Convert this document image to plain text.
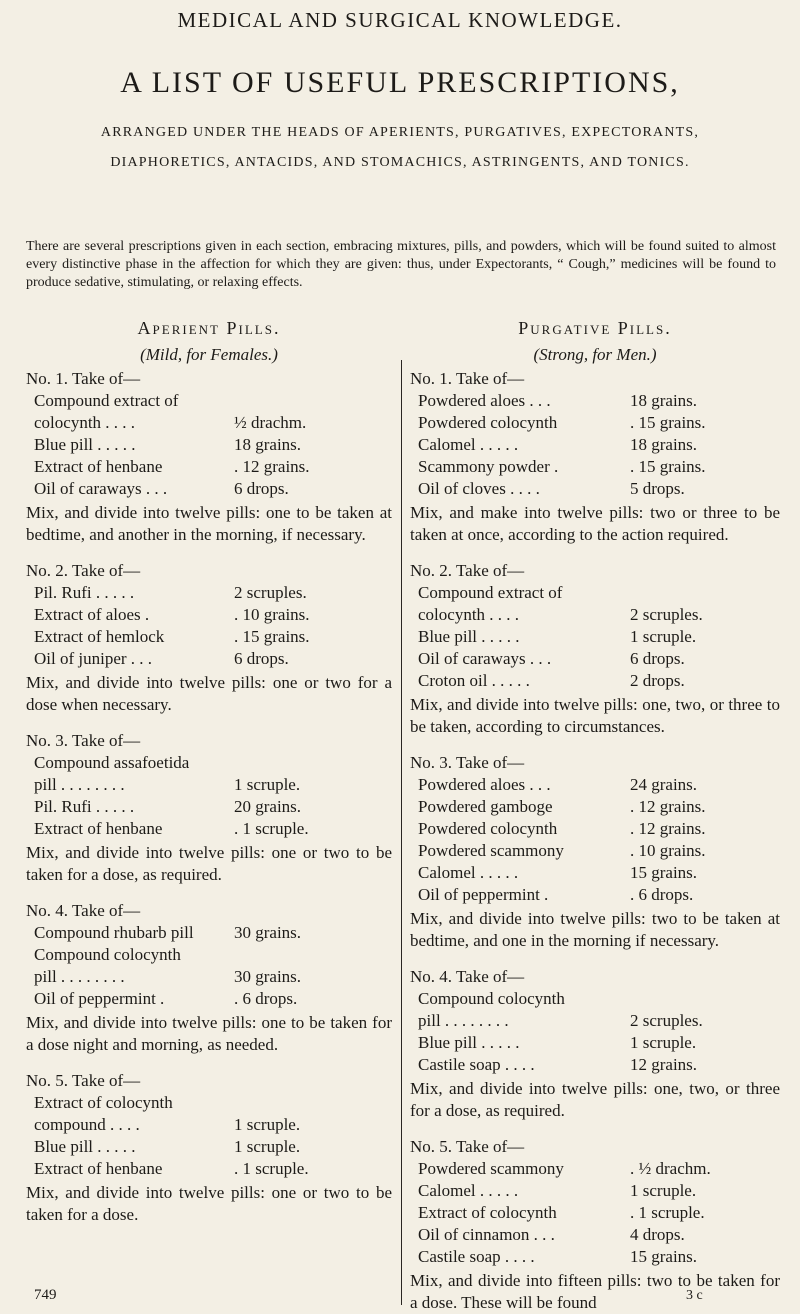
MEDICAL AND SURGICAL KNOWLEDGE.
A LIST OF USEFUL PRESCRIPTIONS,
ARRANGED UNDER THE HEADS OF APERIENTS, PURGATIVES, EXPECTORANTS,
DIAPHORETICS, ANTACIDS, AND STOMACHICS, ASTRINGENTS, AND TONICS.
There are several prescriptions given in each section, embracing mixtures, pills, and powders, which will be found suited to almost every distinctive phase in the affection for which they are given: thus, under Expectorants, “ Cough,” medicines will be found to produce sedative, stimulating, or relaxing effects.
Aperient Pills.
(Mild, for Females.)
No. 1. Take of—
Compound extract of
colocynth . . . .	½ drachm.
Blue pill . . . . .	18 grains.
Extract of henbane	. 12 grains.
Oil of caraways . . .	6 drops.
Mix, and divide into twelve pills: one to be taken at bedtime, and another in the morning, if necessary.
No. 2. Take of—
Pil. Rufi . . . . .	2 scruples.
Extract of aloes .	. 10 grains.
Extract of hemlock	. 15 grains.
Oil of juniper . . .	6 drops.
Mix, and divide into twelve pills: one or two for a dose when necessary.
No. 3. Take of—
Compound assafoetida
pill . . . . . . . .	1 scruple.
Pil. Rufi . . . . .	20 grains.
Extract of henbane	. 1 scruple.
Mix, and divide into twelve pills: one or two to be taken for a dose, as required.
No. 4. Take of—
Compound rhubarb pill	30 grains.
Compound colocynth
pill . . . . . . . .	30 grains.
Oil of peppermint .	. 6 drops.
Mix, and divide into twelve pills: one to be taken for a dose night and morning, as needed.
No. 5. Take of—
Extract of colocynth
compound . . . .	1 scruple.
Blue pill . . . . .	1 scruple.
Extract of henbane	. 1 scruple.
Mix, and divide into twelve pills: one or two to be taken for a dose.
Purgative Pills.
(Strong, for Men.)
No. 1. Take of—
Powdered aloes . . .	18 grains.
Powdered colocynth	. 15 grains.
Calomel . . . . .	18 grains.
Scammony powder .	. 15 grains.
Oil of cloves . . . .	5 drops.
Mix, and make into twelve pills: two or three to be taken at once, according to the action required.
No. 2. Take of—
Compound extract of
colocynth . . . .	2 scruples.
Blue pill . . . . .	1 scruple.
Oil of caraways . . .	6 drops.
Croton oil . . . . .	2 drops.
Mix, and divide into twelve pills: one, two, or three to be taken, according to circumstances.
No. 3. Take of—
Powdered aloes . . .	24 grains.
Powdered gamboge	. 12 grains.
Powdered colocynth	. 12 grains.
Powdered scammony	. 10 grains.
Calomel . . . . .	15 grains.
Oil of peppermint .	. 6 drops.
Mix, and divide into twelve pills: two to be taken at bedtime, and one in the morning if necessary.
No. 4. Take of—
Compound colocynth
pill . . . . . . . .	2 scruples.
Blue pill . . . . .	1 scruple.
Castile soap . . . .	12 grains.
Mix, and divide into twelve pills: one, two, or three for a dose, as required.
No. 5. Take of—
Powdered scammony	. ½ drachm.
Calomel . . . . .	1 scruple.
Extract of colocynth	. 1 scruple.
Oil of cinnamon . . .	4 drops.
Castile soap . . . .	15 grains.
Mix, and divide into fifteen pills: two to be taken for a dose. These will be found
749	3 c
